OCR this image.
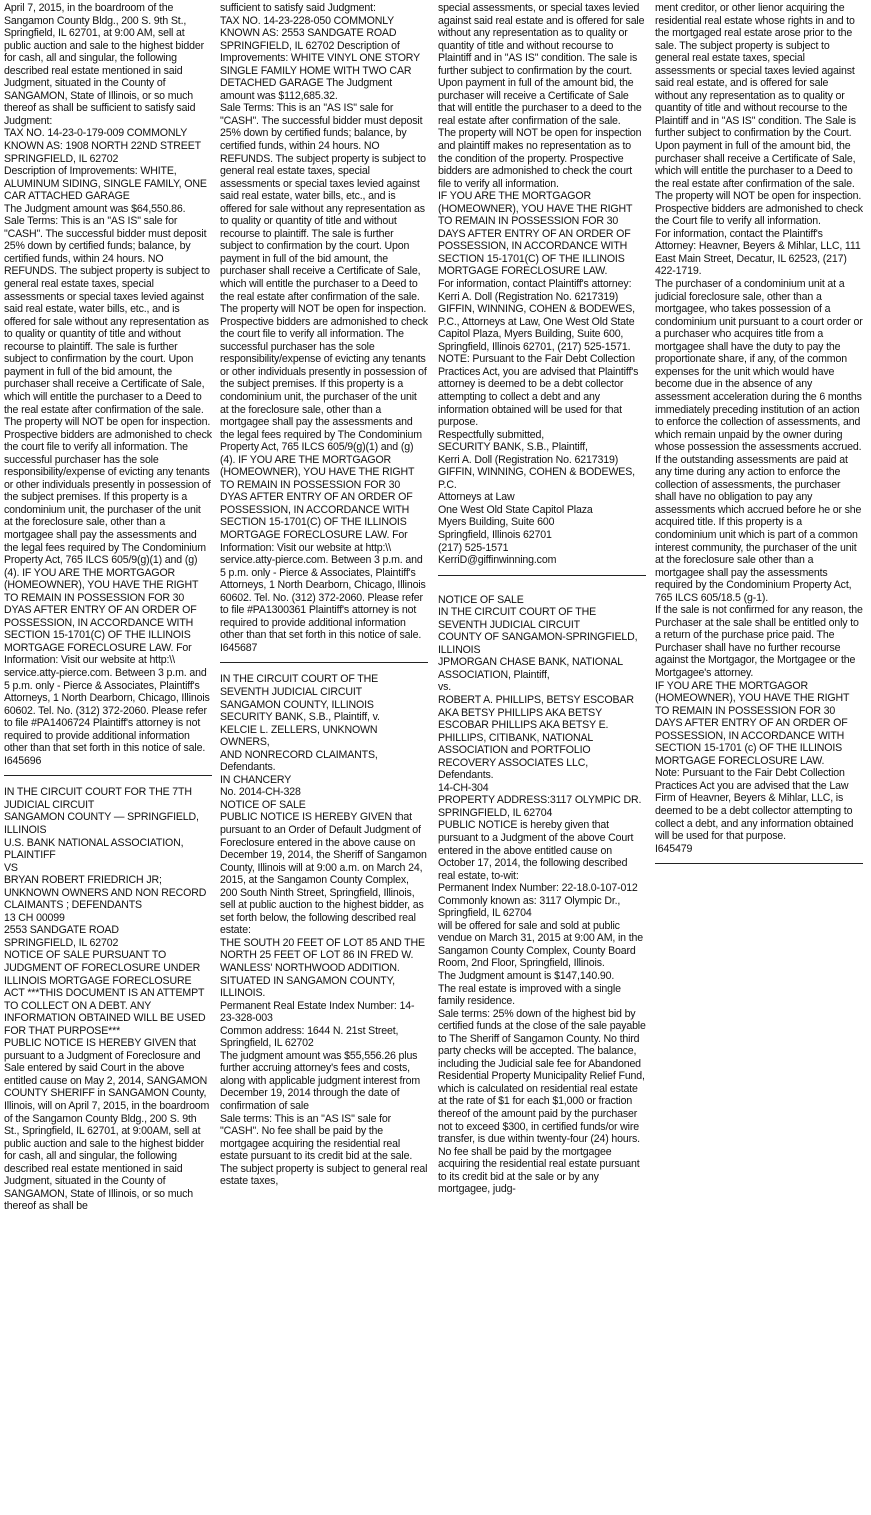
April 7, 2015, in the boardroom of the Sangamon County Bldg., 200 S. 9th St., Springfield, IL 62701, at 9:00 AM, sell at public auction and sale to the highest bidder for cash, all and singular, the following described real estate mentioned in said Judgment, situated in the County of SANGAMON, State of Illinois, or so much thereof as shall be sufficient to satisfy said Judgment:

TAX NO. 14-23-0-179-009 COMMONLY KNOWN AS: 1908 NORTH 22ND STREET SPRINGFIELD, IL 62702

Description of Improvements: WHITE, ALUMINUM SIDING, SINGLE FAMILY, ONE CAR ATTACHED GARAGE

The Judgment amount was $64,550.86.

Sale Terms: This is an "AS IS" sale for "CASH". The successful bidder must deposit 25% down by certified funds; balance, by certified funds, within 24 hours. NO REFUNDS. The subject property is subject to general real estate taxes, special assessments or special taxes levied against said real estate, water bills, etc., and is offered for sale without any representation as to quality or quantity of title and without recourse to plaintiff. The sale is further subject to confirmation by the court. Upon payment in full of the bid amount, the purchaser shall receive a Certificate of Sale, which will entitle the purchaser to a Deed to the real estate after confirmation of the sale. The property will NOT be open for inspection. Prospective bidders are admonished to check the court file to verify all information. The successful purchaser has the sole responsibility/expense of evicting any tenants or other individuals presently in possession of the subject premises. If this property is a condominium unit, the purchaser of the unit at the foreclosure sale, other than a mortgagee shall pay the assessments and the legal fees required by The Condominium Property Act, 765 ILCS 605/9(g)(1) and (g)(4). IF YOU ARE THE MORTGAGOR (HOMEOWNER), YOU HAVE THE RIGHT TO REMAIN IN POSSESSION FOR 30 DYAS AFTER ENTRY OF AN ORDER OF POSSESSION, IN ACCORDANCE WITH SECTION 15-1701(C) OF THE ILLINOIS MORTGAGE FORECLOSURE LAW. For Information: Visit our website at http:\\ service.atty-pierce.com. Between 3 p.m. and 5 p.m. only - Pierce & Associates, Plaintiff's Attorneys, 1 North Dearborn, Chicago, Illinois 60602. Tel. No. (312) 372-2060. Please refer to file #PA1406724 Plaintiff's attorney is not required to provide additional information other than that set forth in this notice of sale.

I645696

IN THE CIRCUIT COURT FOR THE 7TH JUDICIAL CIRCUIT

SANGAMON COUNTY — SPRINGFIELD, ILLINOIS

U.S. BANK NATIONAL ASSOCIATION, PLAINTIFF

VS

BRYAN ROBERT FRIEDRICH JR; UNKNOWN OWNERS AND NON RECORD CLAIMANTS ; DEFENDANTS

13 CH 00099

2553 SANDGATE ROAD

SPRINGFIELD, IL 62702

NOTICE OF SALE PURSUANT TO JUDGMENT OF FORECLOSURE UNDER ILLINOIS MORTGAGE FORECLOSURE ACT ***THIS DOCUMENT IS AN ATTEMPT TO COLLECT ON A DEBT. ANY INFORMATION OBTAINED WILL BE USED FOR THAT PURPOSE***

PUBLIC NOTICE IS HEREBY GIVEN that pursuant to a Judgment of Foreclosure and Sale entered by said Court in the above entitled cause on May 2, 2014, SANGAMON COUNTY SHERIFF in SANGAMON County, Illinois, will on April 7, 2015, in the boardroom of the Sangamon County Bldg., 200 S. 9th St., Springfield, IL 62701, at 9:00AM, sell at public auction and sale to the highest bidder for cash, all and singular, the following described real estate mentioned in said Judgment, situated in the County of SANGAMON, State of Illinois, or so much thereof as shall be

sufficient to satisfy said Judgment:

TAX NO. 14-23-228-050 COMMONLY KNOWN AS: 2553 SANDGATE ROAD SPRINGFIELD, IL 62702 Description of Improvements: WHITE VINYL ONE STORY SINGLE FAMILY HOME WITH TWO CAR DETACHED GARAGE The Judgment amount was $112,685.32.

Sale Terms: This is an "AS IS" sale for "CASH". The successful bidder must deposit 25% down by certified funds; balance, by certified funds, within 24 hours. NO REFUNDS. The subject property is subject to general real estate taxes, special assessments or special taxes levied against said real estate, water bills, etc., and is offered for sale without any representation as to quality or quantity of title and without recourse to plaintiff. The sale is further subject to confirmation by the court. Upon payment in full of the bid amount, the purchaser shall receive a Certificate of Sale, which will entitle the purchaser to a Deed to the real estate after confirmation of the sale. The property will NOT be open for inspection. Prospective bidders are admonished to check the court file to verify all information. The successful purchaser has the sole responsibility/expense of evicting any tenants or other individuals presently in possession of the subject premises. If this property is a condominium unit, the purchaser of the unit at the foreclosure sale, other than a mortgagee shall pay the assessments and the legal fees required by The Condominium Property Act, 765 ILCS 605/9(g)(1) and (g)(4). IF YOU ARE THE MORTGAGOR (HOMEOWNER), YOU HAVE THE RIGHT TO REMAIN IN POSSESSION FOR 30 DYAS AFTER ENTRY OF AN ORDER OF POSSESSION, IN ACCORDANCE WITH SECTION 15-1701(C) OF THE ILLINOIS MORTGAGE FORECLOSURE LAW. For Information: Visit our website at http:\\ service.atty-pierce.com. Between 3 p.m. and 5 p.m. only - Pierce & Associates, Plaintiff's Attorneys, 1 North Dearborn, Chicago, Illinois 60602. Tel. No. (312) 372-2060. Please refer to file #PA1300361 Plaintiff's attorney is not required to provide additional information other than that set forth in this notice of sale.

I645687

IN THE CIRCUIT COURT OF THE SEVENTH JUDICIAL CIRCUIT

SANGAMON COUNTY, ILLINOIS

SECURITY BANK, S.B., Plaintiff, v.

KELCIE L. ZELLERS, UNKNOWN OWNERS,

AND NONRECORD CLAIMANTS, Defendants.

IN CHANCERY

No. 2014-CH-328

NOTICE OF SALE

PUBLIC NOTICE IS HEREBY GIVEN that pursuant to an Order of Default Judgment of Foreclosure entered in the above cause on December 19, 2014, the Sheriff of Sangamon County, Illinois will at 9:00 a.m. on March 24, 2015, at the Sangamon County Complex, 200 South Ninth Street, Springfield, Illinois, sell at public auction to the highest bidder, as set forth below, the following described real estate:

THE SOUTH 20 FEET OF LOT 85 AND THE NORTH 25 FEET OF LOT 86 IN FRED W. WANLESS' NORTHWOOD ADDITION. SITUATED IN SANGAMON COUNTY, ILLINOIS.

Permanent Real Estate Index Number: 14-23-328-003

Common address: 1644 N. 21st Street, Springfield, IL 62702

The judgment amount was $55,556.26 plus further accruing attorney's fees and costs, along with applicable judgment interest from December 19, 2014 through the date of confirmation of sale

Sale terms: This is an "AS IS" sale for "CASH". No fee shall be paid by the mortgagee acquiring the residential real estate pursuant to its credit bid at the sale. The subject property is subject to general real estate taxes,

special assessments, or special taxes levied against said real estate and is offered for sale without any representation as to quality or quantity of title and without recourse to Plaintiff and in "AS IS" condition. The sale is further subject to confirmation by the court.

Upon payment in full of the amount bid, the purchaser will receive a Certificate of Sale that will entitle the purchaser to a deed to the real estate after confirmation of the sale.

The property will NOT be open for inspection and plaintiff makes no representation as to the condition of the property. Prospective bidders are admonished to check the court file to verify all information.

IF YOU ARE THE MORTGAGOR (HOMEOWNER), YOU HAVE THE RIGHT TO REMAIN IN POSSESSION FOR 30 DAYS AFTER ENTRY OF AN ORDER OF POSSESSION, IN ACCORDANCE WITH SECTION 15-1701(C) OF THE ILLINOIS MORTGAGE FORECLOSURE LAW.

For information, contact Plaintiff's attorney: Kerri A. Doll (Registration No. 6217319) GIFFIN, WINNING, COHEN & BODEWES, P.C., Attorneys at Law, One West Old State Capitol Plaza, Myers Building, Suite 600, Springfield, Illinois 62701, (217) 525-1571.

NOTE: Pursuant to the Fair Debt Collection Practices Act, you are advised that Plaintiff's attorney is deemed to be a debt collector attempting to collect a debt and any information obtained will be used for that purpose.

Respectfully submitted,

SECURITY BANK, S.B., Plaintiff,

Kerri A. Doll (Registration No. 6217319)

GIFFIN, WINNING, COHEN & BODEWES, P.C.

Attorneys at Law

One West Old State Capitol Plaza

Myers Building, Suite 600

Springfield, Illinois 62701

(217) 525-1571

KerriD@giffinwinning.com

NOTICE OF SALE

IN THE CIRCUIT COURT OF THE SEVENTH JUDICIAL CIRCUIT

COUNTY OF SANGAMON-SPRINGFIELD, ILLINOIS

JPMORGAN CHASE BANK, NATIONAL ASSOCIATION, Plaintiff,

vs.

ROBERT A. PHILLIPS, BETSY ESCOBAR AKA BETSY PHILLIPS AKA BETSY ESCOBAR PHILLIPS AKA BETSY E. PHILLIPS, CITIBANK, NATIONAL ASSOCIATION and PORTFOLIO RECOVERY ASSOCIATES LLC, Defendants.

14-CH-304

PROPERTY ADDRESS:3117 OLYMPIC DR.

SPRINGFIELD, IL 62704

PUBLIC NOTICE is hereby given that pursuant to a Judgment of the above Court entered in the above entitled cause on October 17, 2014, the following described real estate, to-wit:

Permanent Index Number: 22-18.0-107-012

Commonly known as: 3117 Olympic Dr., Springfield, IL 62704

will be offered for sale and sold at public vendue on March 31, 2015 at 9:00 AM, in the Sangamon County Complex, County Board Room, 2nd Floor, Springfield, Illinois.

The Judgment amount is $147,140.90.

The real estate is improved with a single family residence.

Sale terms: 25% down of the highest bid by certified funds at the close of the sale payable to The Sheriff of Sangamon County. No third party checks will be accepted. The balance, including the Judicial sale fee for Abandoned Residential Property Municipality Relief Fund, which is calculated on residential real estate at the rate of $1 for each $1,000 or fraction thereof of the amount paid by the purchaser not to exceed $300, in certified funds/or wire transfer, is due within twenty-four (24) hours. No fee shall be paid by the mortgagee acquiring the residential real estate pursuant to its credit bid at the sale or by any mortgagee, judg-

ment creditor, or other lienor acquiring the residential real estate whose rights in and to the mortgaged real estate arose prior to the sale. The subject property is subject to general real estate taxes, special assessments or special taxes levied against said real estate, and is offered for sale without any representation as to quality or quantity of title and without recourse to the Plaintiff and in "AS IS" condition. The Sale is further subject to confirmation by the Court.

Upon payment in full of the amount bid, the purchaser shall receive a Certificate of Sale, which will entitle the purchaser to a Deed to the real estate after confirmation of the sale.

The property will NOT be open for inspection. Prospective bidders are admonished to check the Court file to verify all information.

For information, contact the Plaintiff's Attorney: Heavner, Beyers & Mihlar, LLC, 111 East Main Street, Decatur, IL 62523, (217) 422-1719.

The purchaser of a condominium unit at a judicial foreclosure sale, other than a mortgagee, who takes possession of a condominium unit pursuant to a court order or a purchaser who acquires title from a mortgagee shall have the duty to pay the proportionate share, if any, of the common expenses for the unit which would have become due in the absence of any assessment acceleration during the 6 months immediately preceding institution of an action to enforce the collection of assessments, and which remain unpaid by the owner during whose possession the assessments accrued. If the outstanding assessments are paid at any time during any action to enforce the collection of assessments, the purchaser shall have no obligation to pay any assessments which accrued before he or she acquired title. If this property is a condominium unit which is part of a common interest community, the purchaser of the unit at the foreclosure sale other than a mortgagee shall pay the assessments required by the Condominium Property Act, 765 ILCS 605/18.5 (g-1).

If the sale is not confirmed for any reason, the Purchaser at the sale shall be entitled only to a return of the purchase price paid. The Purchaser shall have no further recourse against the Mortgagor, the Mortgagee or the Mortgagee's attorney.

IF YOU ARE THE MORTGAGOR (HOMEOWNER), YOU HAVE THE RIGHT TO REMAIN IN POSSESSION FOR 30 DAYS AFTER ENTRY OF AN ORDER OF POSSESSION, IN ACCORDANCE WITH SECTION 15-1701 (c) OF THE ILLINOIS MORTGAGE FORECLOSURE LAW.

Note: Pursuant to the Fair Debt Collection Practices Act you are advised that the Law Firm of Heavner, Beyers & Mihlar, LLC, is deemed to be a debt collector attempting to collect a debt, and any information obtained will be used for that purpose.

I645479
